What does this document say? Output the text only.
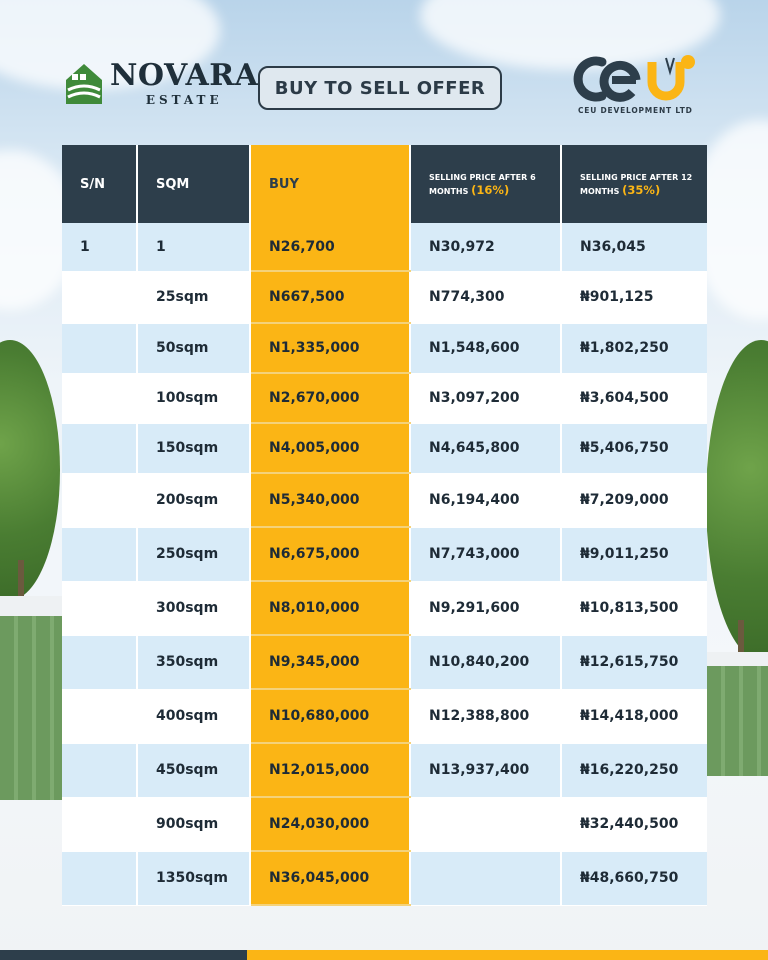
NOVARA
ESTATE
BUY TO SELL OFFER
CEU DEVELOPMENT LTD
S/N	SQM	BUY	SELLING PRICE AFTER 6 MONTHS (16%)	SELLING PRICE AFTER 12 MONTHS (35%)
1	1	N26,700	N30,972	N36,045
	25sqm	N667,500	N774,300	₦901,125
	50sqm	N1,335,000	N1,548,600	₦1,802,250
	100sqm	N2,670,000	N3,097,200	₦3,604,500
	150sqm	N4,005,000	N4,645,800	₦5,406,750
	200sqm	N5,340,000	N6,194,400	₦7,209,000
	250sqm	N6,675,000	N7,743,000	₦9,011,250
	300sqm	N8,010,000	N9,291,600	₦10,813,500
	350sqm	N9,345,000	N10,840,200	₦12,615,750
	400sqm	N10,680,000	N12,388,800	₦14,418,000
	450sqm	N12,015,000	N13,937,400	₦16,220,250
	900sqm	N24,030,000		₦32,440,500
	1350sqm	N36,045,000		₦48,660,750
